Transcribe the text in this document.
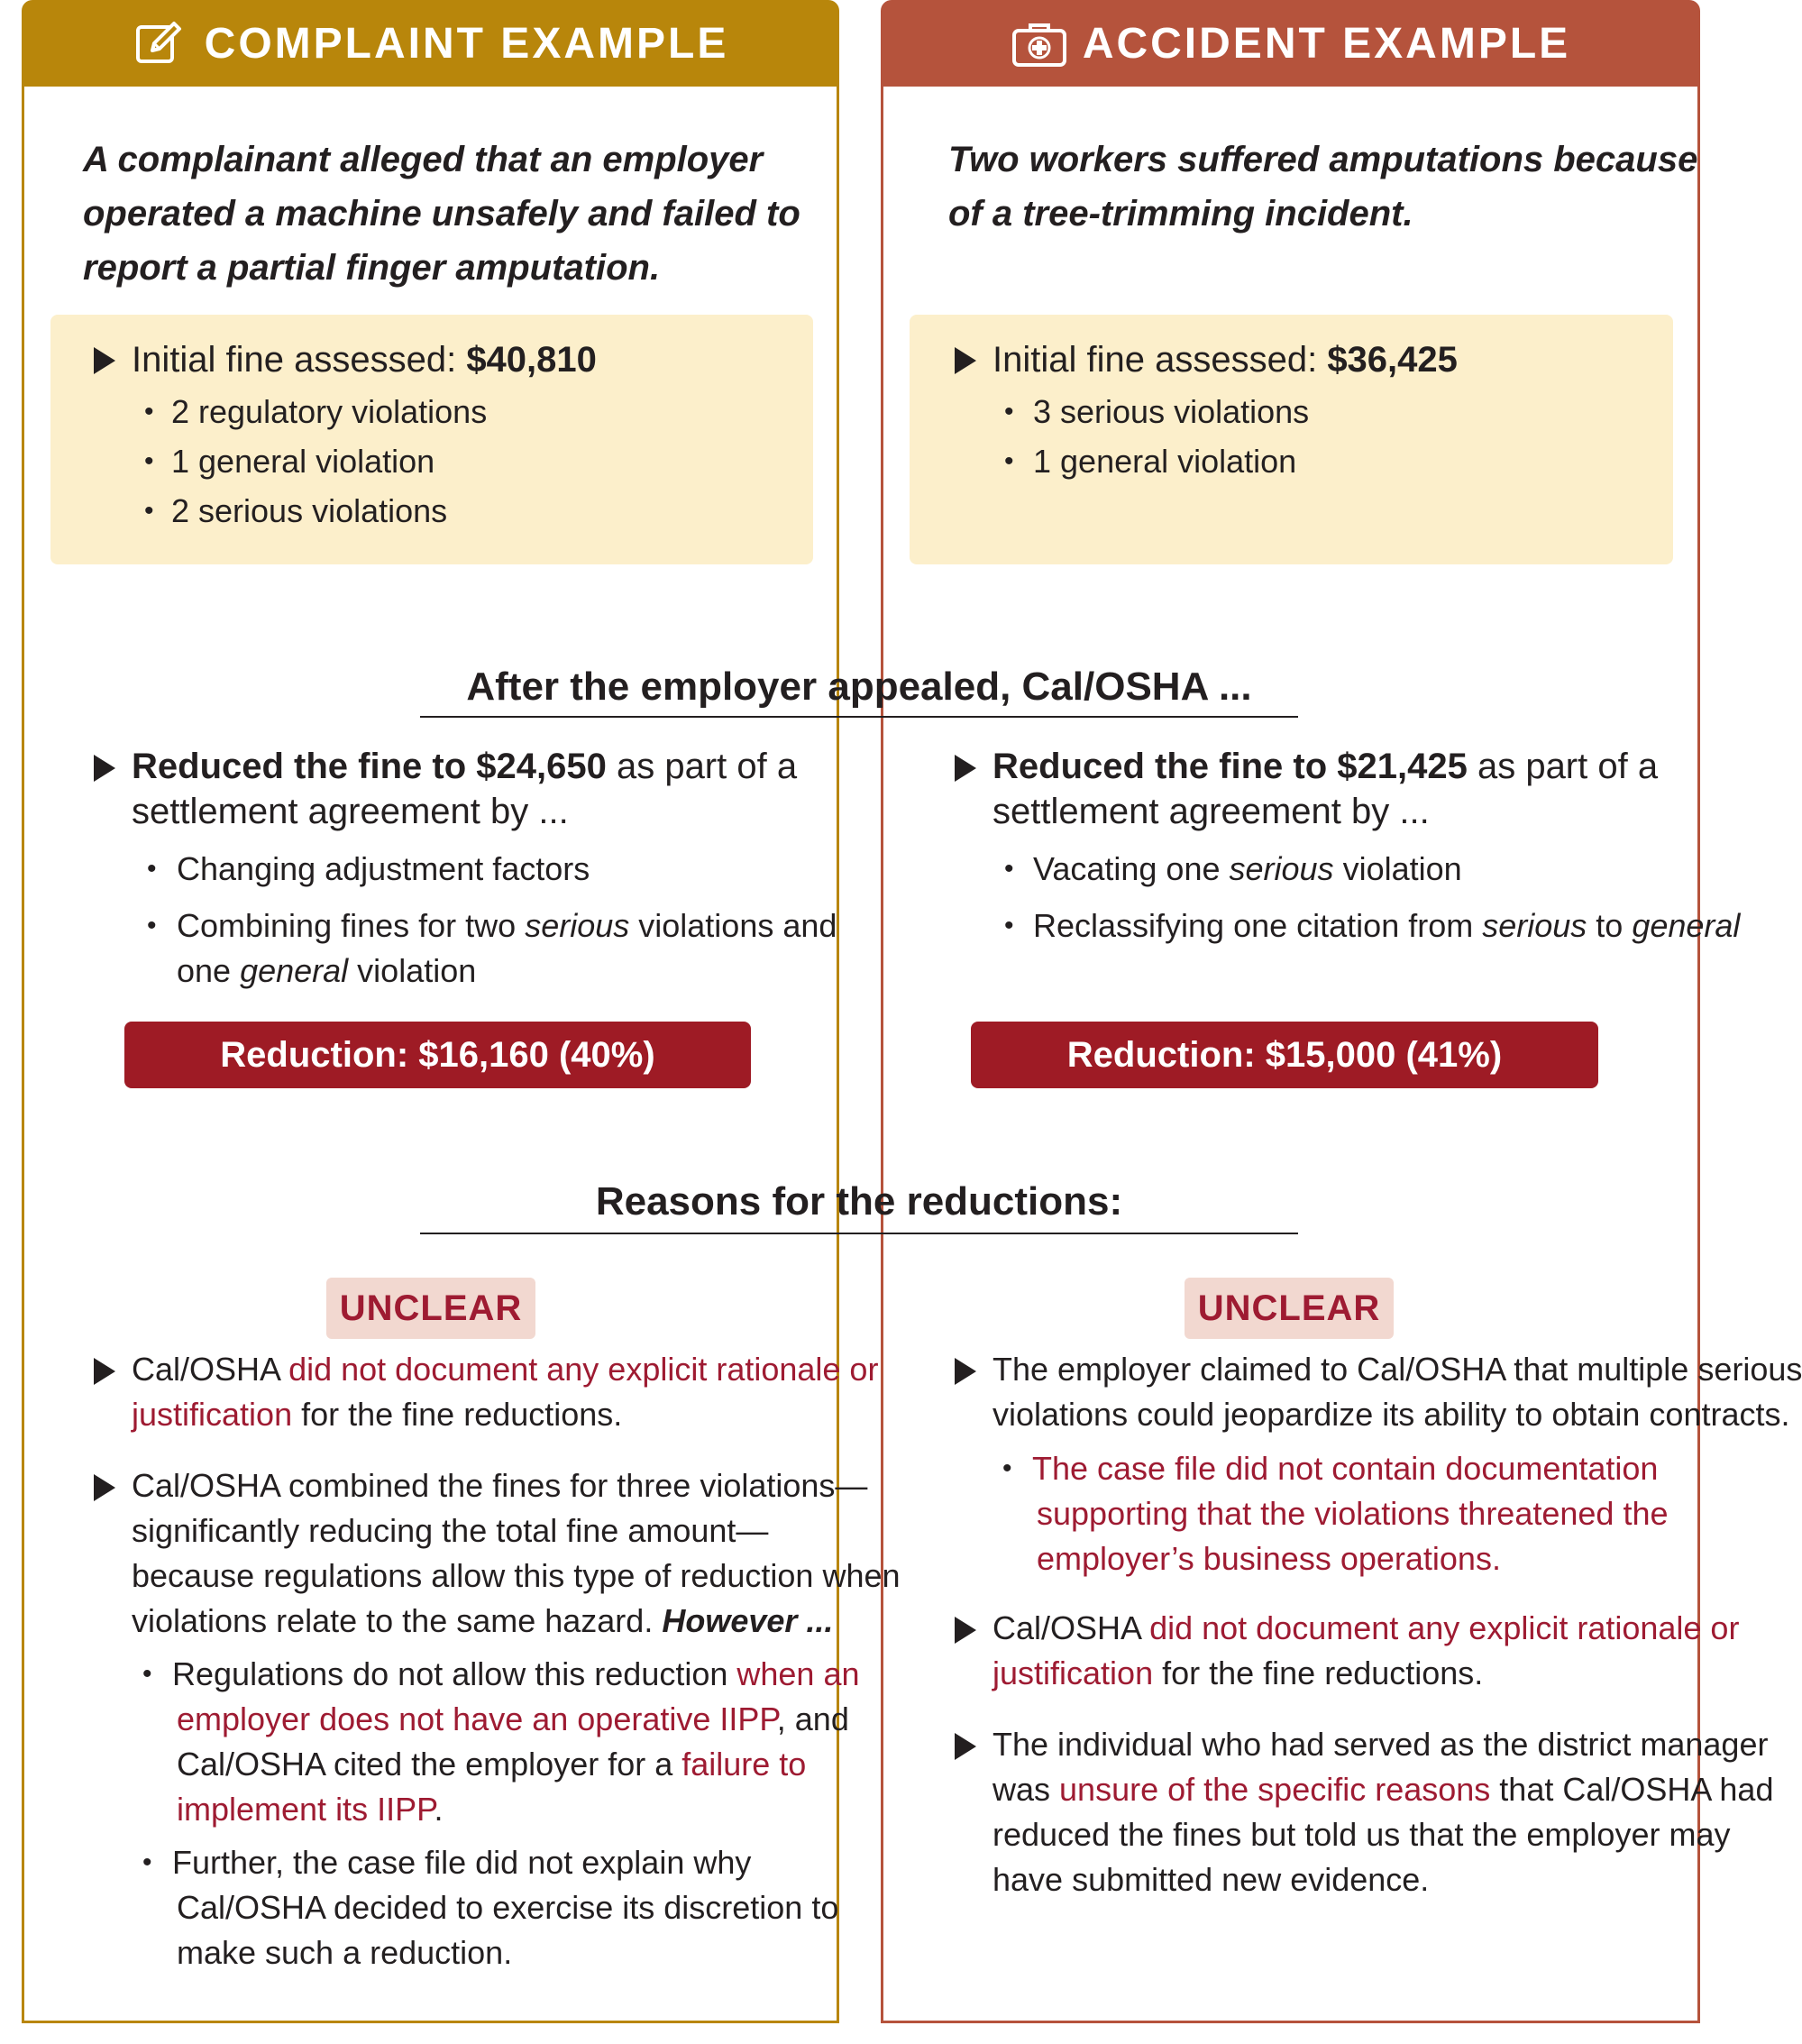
COMPLAINT EXAMPLE	ACCIDENT EXAMPLE
A complainant alleged that an employer
operated a machine unsafely and failed to
report a partial finger amputation.
Two workers suffered amputations because
of a tree-trimming incident.
Initial fine assessed: $40,810
• 2 regulatory violations
• 1 general violation
• 2 serious violations
Initial fine assessed: $36,425
• 3 serious violations
• 1 general violation
After the employer appealed, Cal/OSHA ...
Reduced the fine to $24,650 as part of a
settlement agreement by ...
• Changing adjustment factors
• Combining fines for two serious violations and
one general violation
Reduction: $16,160 (40%)
Reduced the fine to $21,425 as part of a
settlement agreement by ...
• Vacating one serious violation
• Reclassifying one citation from serious to general
Reduction: $15,000 (41%)
Reasons for the reductions:
UNCLEAR
Cal/OSHA did not document any explicit rationale or
justification for the fine reductions.
Cal/OSHA combined the fines for three violations—
significantly reducing the total fine amount—
because regulations allow this type of reduction when
violations relate to the same hazard. However ...
• Regulations do not allow this reduction when an
employer does not have an operative IIPP, and
Cal/OSHA cited the employer for a failure to
implement its IIPP.
• Further, the case file did not explain why
Cal/OSHA decided to exercise its discretion to
make such a reduction.
UNCLEAR
The employer claimed to Cal/OSHA that multiple serious
violations could jeopardize its ability to obtain contracts.
• The case file did not contain documentation
supporting that the violations threatened the
employer’s business operations.
Cal/OSHA did not document any explicit rationale or
justification for the fine reductions.
The individual who had served as the district manager
was unsure of the specific reasons that Cal/OSHA had
reduced the fines but told us that the employer may
have submitted new evidence.
